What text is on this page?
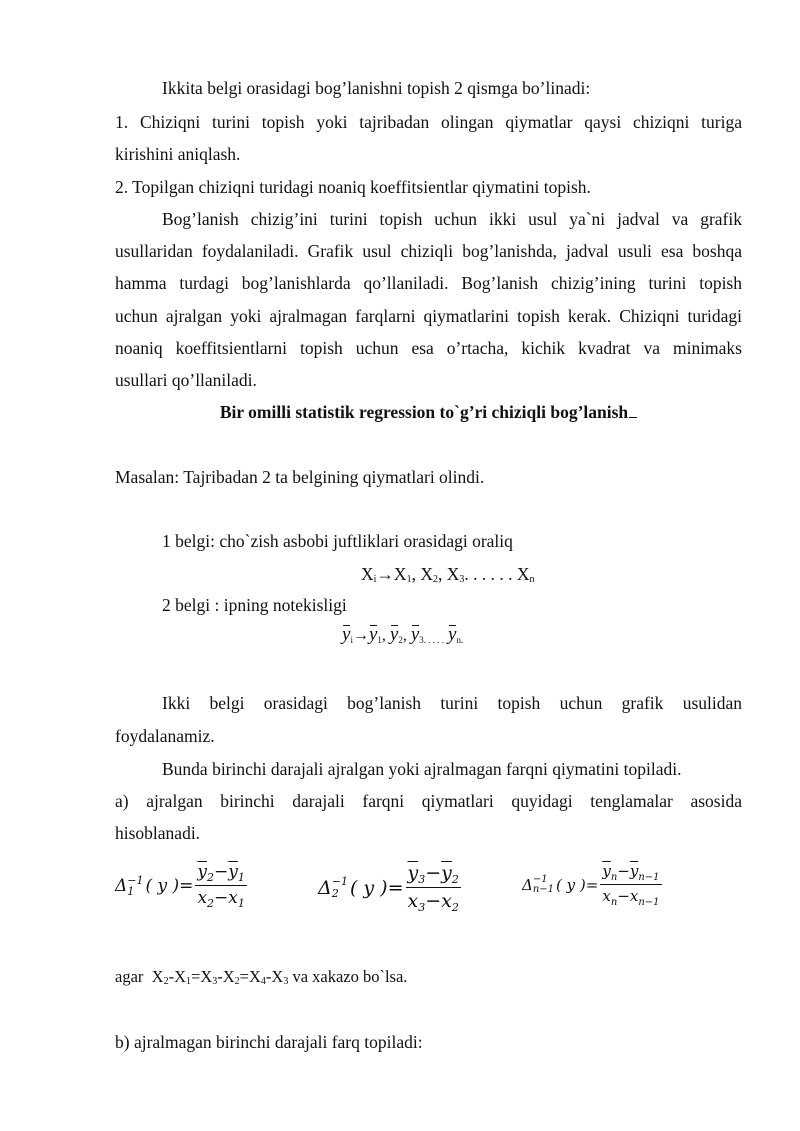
Ikkita belgi orasidagi bog’lanishni topish 2 qismga bo’linadi:
1. Chiziqni turini topish yoki tajribadan olingan qiymatlar qaysi chiziqni turiga
kirishini aniqlash.
2. Topilgan chiziqni turidagi noaniq koeffitsientlar qiymatini topish.
Bog’lanish chizig’ini turini topish uchun ikki usul ya`ni jadval va grafik
usullaridan foydalaniladi. Grafik usul chiziqli bog’lanishda, jadval usuli esa boshqa
hamma turdagi bog’lanishlarda qo’llaniladi. Bog’lanish chizig’ining turini topish
uchun ajralgan yoki ajralmagan farqlarni qiymatlarini topish kerak. Chiziqni turidagi
noaniq koeffitsientlarni topish uchun esa o’rtacha, kichik kvadrat va minimaks
usullari qo’llaniladi.
Bir omilli statistik regression to`g’ri chiziqli bog’lanish
Masalan: Tajribadan 2 ta belgining qiymatlari olindi.
1 belgi: cho`zish asbobi juftliklari orasidagi oraliq
$X_i\to X_1$, $X_2$, $X_3$. . . . . . $X_n$
2 belgi : ipning notekisligi
yi→y1, y2, y3. . . . . yn.
Ikki belgi orasidagi bog’lanish turini topish uchun grafik usulidan
foydalanamiz.
Bunda birinchi darajali ajralgan yoki ajralmagan farqni qiymatini topiladi.
a) ajralgan birinchi darajali farqni qiymatlari quyidagi tenglamalar asosida
hisoblanadi.
Δ −1
1 ( y )= $\frac{\overline{y}_2-\overline{y}_1}{x_2-x_1}$	Δ −1
2 ( y )= $\frac{\overline{y}_3-\overline{y}_2}{x_3-x_2}$	Δ −1
n−1 ( y )= $\frac{\overline{y}_n-\overline{y}_{n-1}}{x_n-x_{n-1}}$
agar $X_2-X_1=X_3-X_2=X_4-X_3$ va xakazo bo`lsa.
b) ajralmagan birinchi darajali farq topiladi:
